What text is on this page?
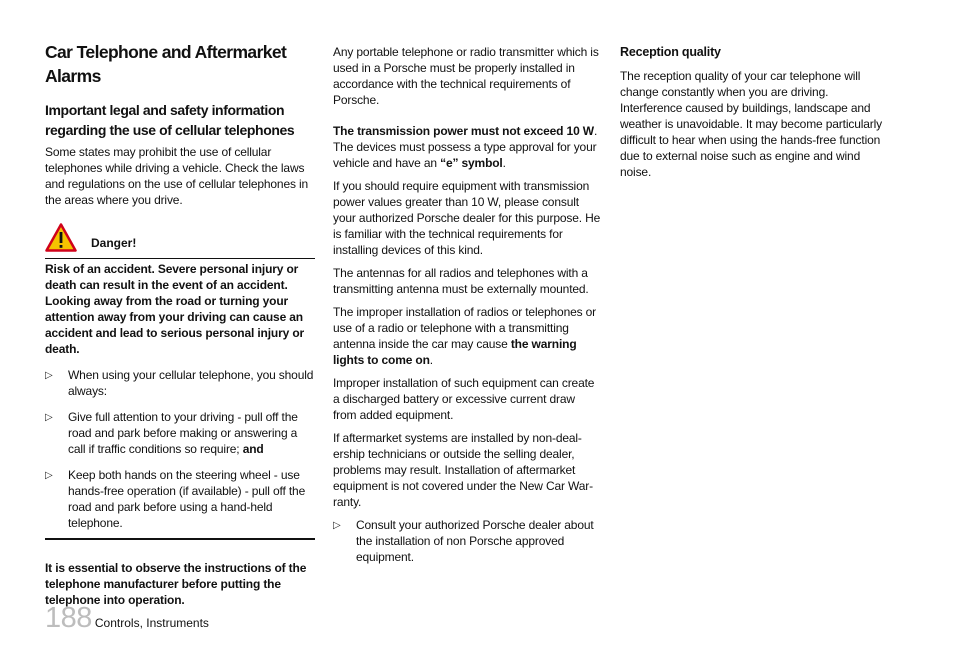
Car Telephone and Aftermarket Alarms
Important legal and safety information regarding the use of cellular telephones

Some states may prohibit the use of cellular telephones while driving a vehicle. Check the laws and regulations on the use of cellular telephones in the areas where you drive.

Danger!

Risk of an accident. Severe personal injury or death can result in the event of an accident. Looking away from the road or turning your attention away from your driving can cause an accident and lead to serious personal injury or death.

▷	When using your cellular telephone, you should always:

▷	Give full attention to your driving - pull off the road and park before making or answering a call if traffic conditions so require; and

▷	Keep both hands on the steering wheel - use hands-free operation (if available) - pull off the road and park before using a hand-held telephone.

It is essential to observe the instructions of the telephone manufacturer before putting the telephone into operation.

Any portable telephone or radio transmitter which is used in a Porsche must be properly installed in accordance with the technical requirements of Porsche.

The transmission power must not exceed 10 W. The devices must possess a type approval for your vehicle and have an “e” symbol.

If you should require equipment with transmission power values greater than 10 W, please consult your authorized Porsche dealer for this purpose. He is familiar with the technical requirements for installing devices of this kind.

The antennas for all radios and telephones with a transmitting antenna must be externally mounted.

The improper installation of radios or telephones or use of a radio or telephone with a transmitting antenna inside the car may cause the warning lights to come on.

Improper installation of such equipment can create a discharged battery or excessive current draw from added equipment.

If aftermarket systems are installed by non-deal-ership technicians or outside the selling dealer, problems may result. Installation of aftermarket equipment is not covered under the New Car War-ranty.

▷	Consult your authorized Porsche dealer about the installation of non Porsche approved equipment.

Reception quality

The reception quality of your car telephone will change constantly when you are driving. Interference caused by buildings, landscape and weather is unavoidable. It may become particularly difficult to hear when using the hands-free function due to external noise such as engine and wind noise.

188 Controls, Instruments
